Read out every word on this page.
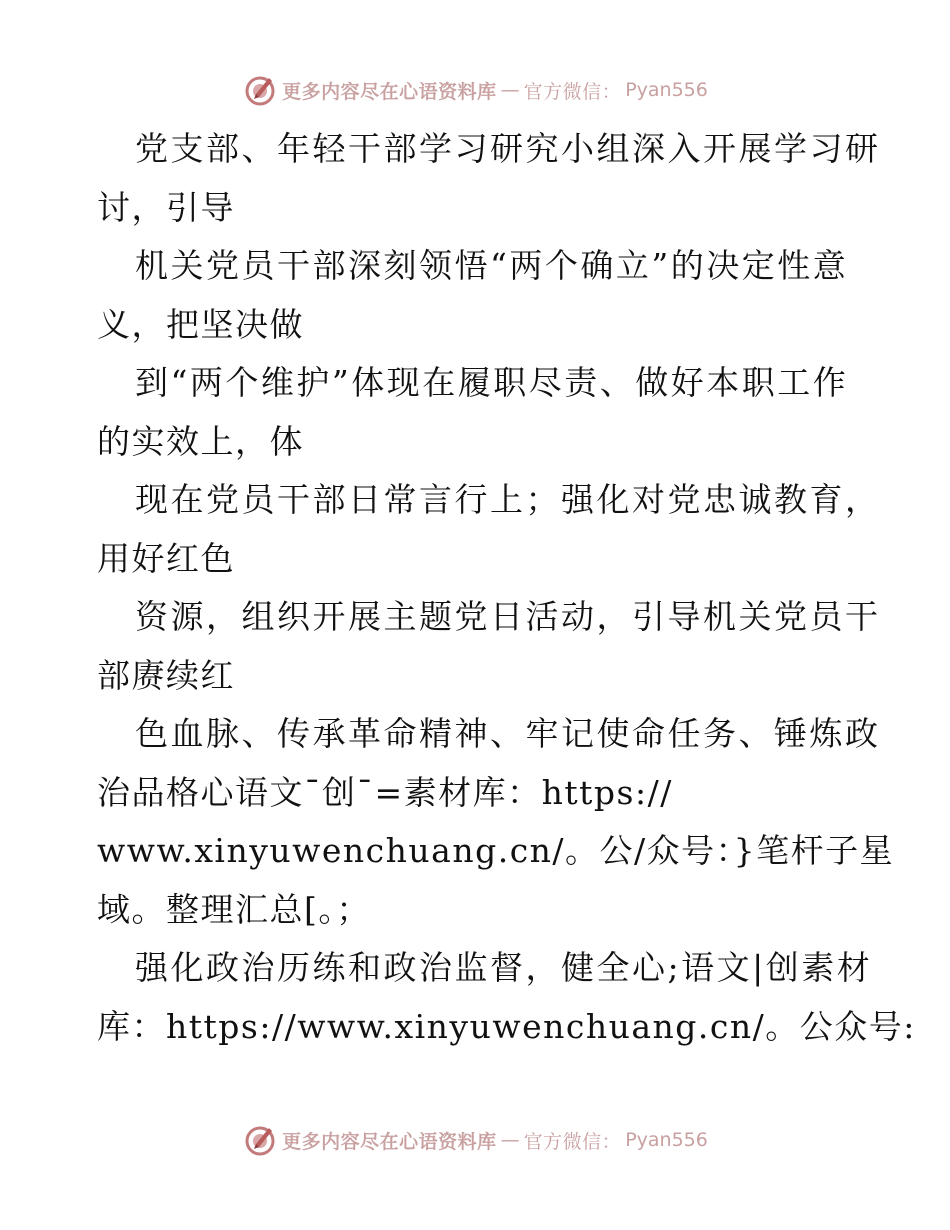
更多内容尽在心语资料库 — 官方微信： Pyan556
党支部、年轻干部学习研究小组深入开展学习研
讨，引导
机关党员干部深刻领悟“两个确立”的决定性意
义，把坚决做
到“两个维护”体现在履职尽责、做好本职工作
的实效上，体
现在党员干部日常言行上；强化对党忠诚教育，
用好红色
资源，组织开展主题党日活动，引导机关党员干
部赓续红
色血脉、传承革命精神、牢记使命任务、锤炼政
治品格心语文¯创¯=素材库：https://
www.xinyuwenchuang.cn/。公/众号：}笔杆子星
域。整理汇总[。；
强化政治历练和政治监督，健全心;语文|创素材
库：https://www.xinyuwenchuang.cn/。公众号:
更多内容尽在心语资料库 — 官方微信： Pyan556
